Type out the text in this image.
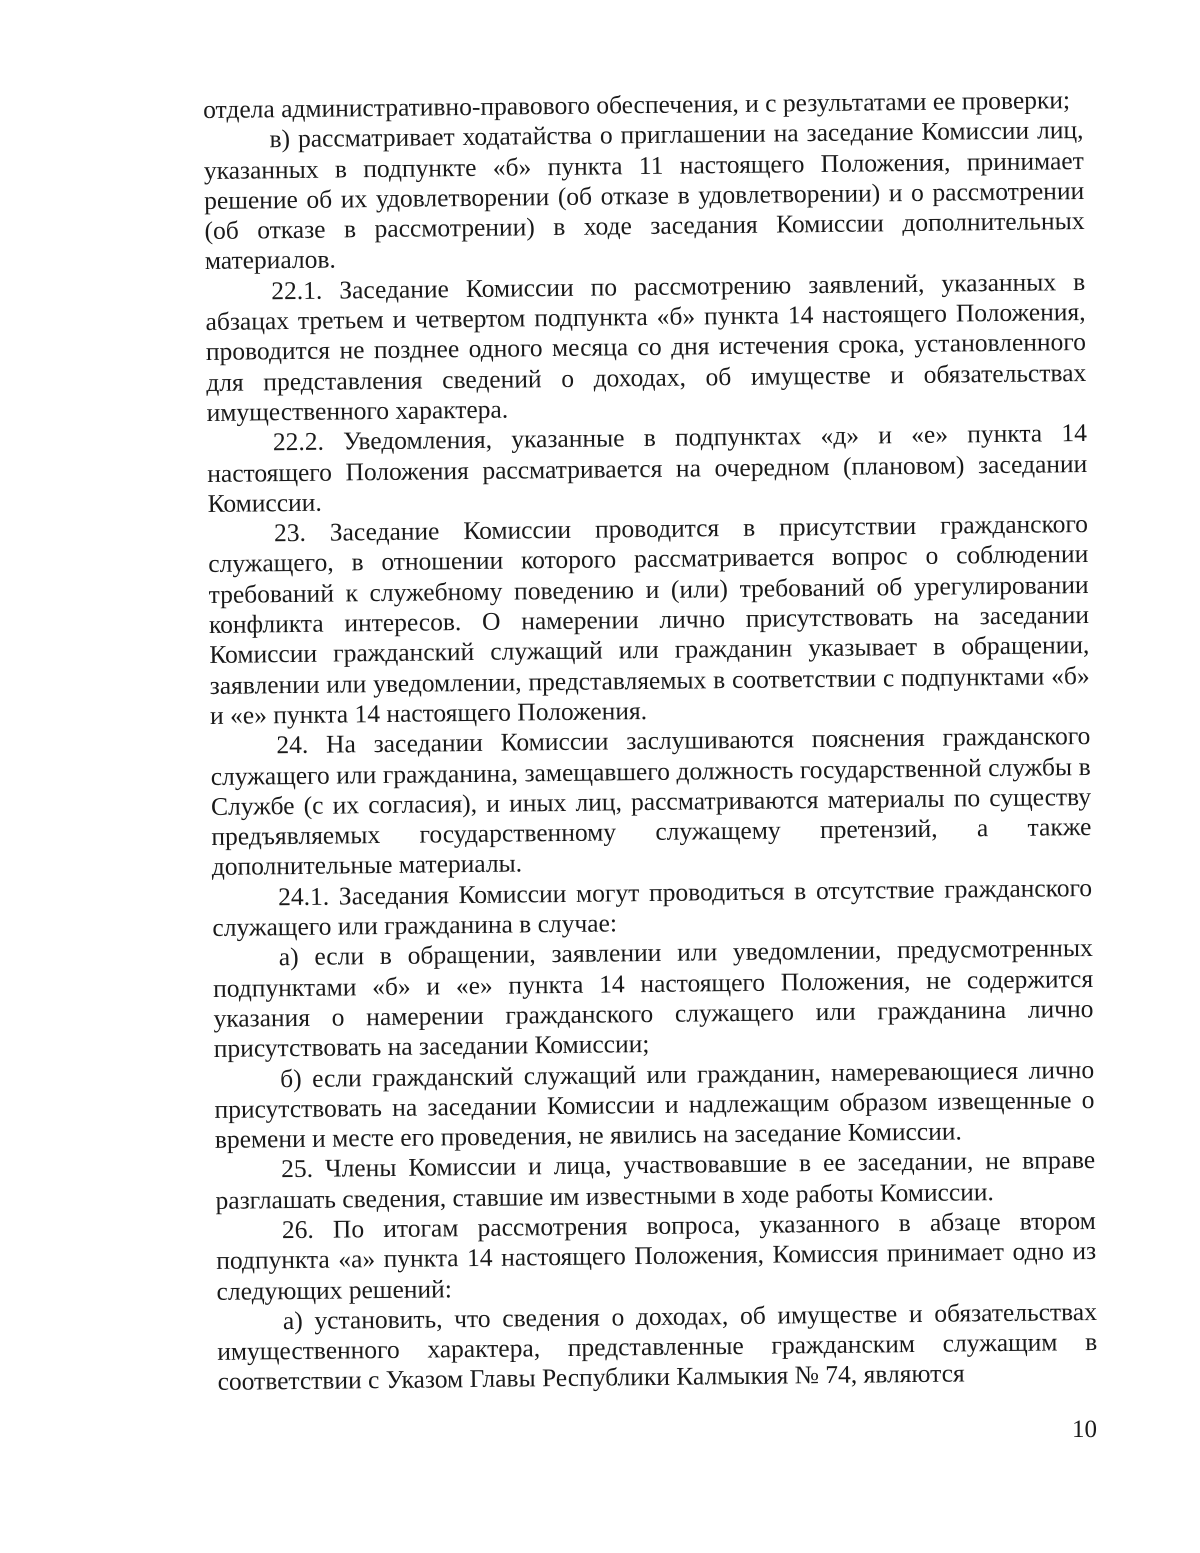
отдела административно-правового обеспечения, и с результатами ее проверки;

в) рассматривает ходатайства о приглашении на заседание Комиссии лиц, указанных в подпункте «б» пункта 11 настоящего Положения, принимает решение об их удовлетворении (об отказе в удовлетворении) и о рассмотрении (об отказе в рассмотрении) в ходе заседания Комиссии дополнительных материалов.

22.1. Заседание Комиссии по рассмотрению заявлений, указанных в абзацах третьем и четвертом подпункта «б» пункта 14 настоящего Положения, проводится не позднее одного месяца со дня истечения срока, установленного для представления сведений о доходах, об имуществе и обязательствах имущественного характера.

22.2. Уведомления, указанные в подпунктах «д» и «е» пункта 14 настоящего Положения рассматривается на очередном (плановом) заседании Комиссии.

23. Заседание Комиссии проводится в присутствии гражданского служащего, в отношении которого рассматривается вопрос о соблюдении требований к служебному поведению и (или) требований об урегулировании конфликта интересов. О намерении лично присутствовать на заседании Комиссии гражданский служащий или гражданин указывает в обращении, заявлении или уведомлении, представляемых в соответствии с подпунктами «б» и «е» пункта 14 настоящего Положения.

24. На заседании Комиссии заслушиваются пояснения гражданского служащего или гражданина, замещавшего должность государственной службы в Службе (с их согласия), и иных лиц, рассматриваются материалы по существу предъявляемых государственному служащему претензий, а также дополнительные материалы.

24.1. Заседания Комиссии могут проводиться в отсутствие гражданского служащего или гражданина в случае:

а) если в обращении, заявлении или уведомлении, предусмотренных подпунктами «б» и «е» пункта 14 настоящего Положения, не содержится указания о намерении гражданского служащего или гражданина лично присутствовать на заседании Комиссии;

б) если гражданский служащий или гражданин, намеревающиеся лично присутствовать на заседании Комиссии и надлежащим образом извещенные о времени и месте его проведения, не явились на заседание Комиссии.

25. Члены Комиссии и лица, участвовавшие в ее заседании, не вправе разглашать сведения, ставшие им известными в ходе работы Комиссии.

26. По итогам рассмотрения вопроса, указанного в абзаце втором подпункта «а» пункта 14 настоящего Положения, Комиссия принимает одно из следующих решений:

а) установить, что сведения о доходах, об имуществе и обязательствах имущественного характера, представленные гражданским служащим в соответствии с Указом Главы Республики Калмыкия № 74, являются

10
